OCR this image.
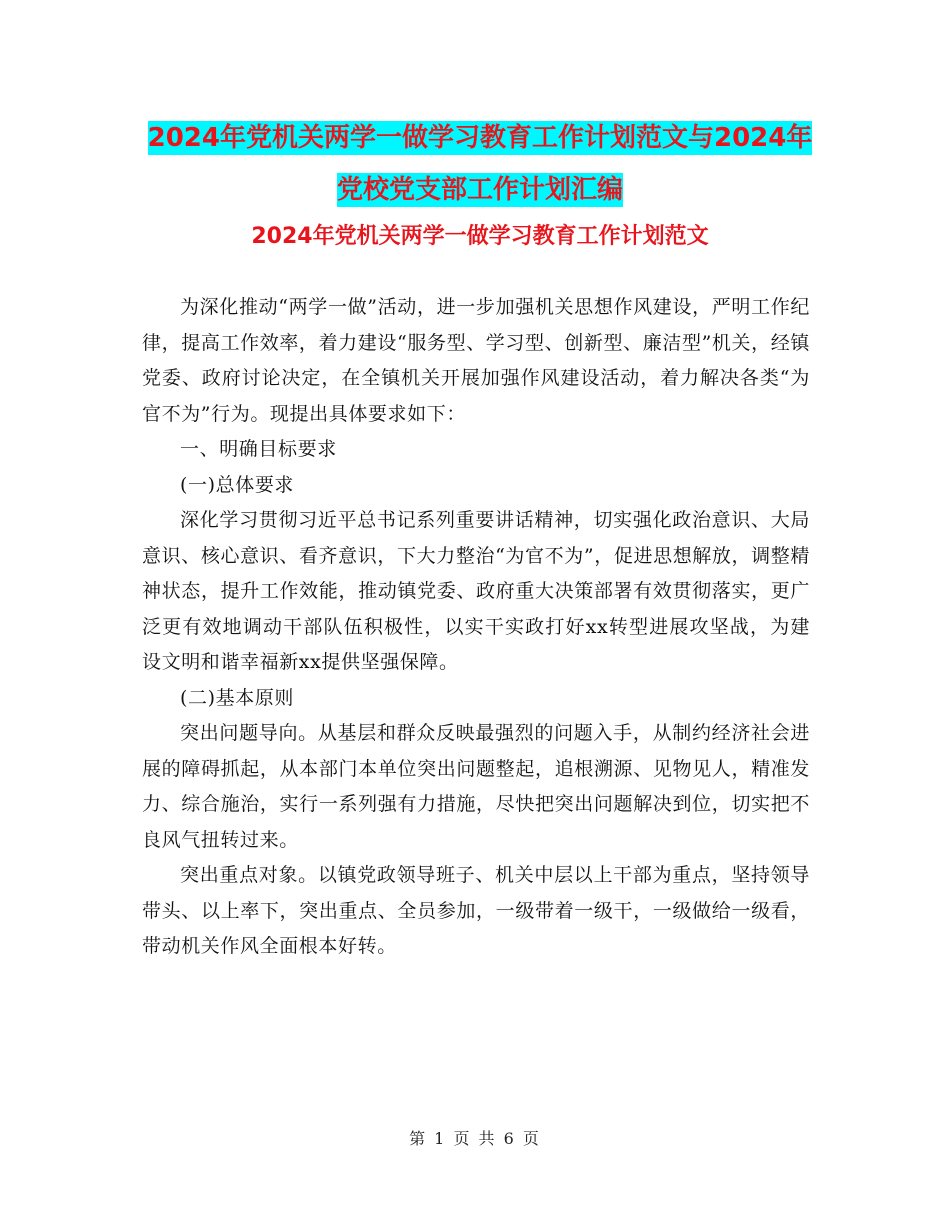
2024年党机关两学一做学习教育工作计划范文与2024年党校党支部工作计划汇编
2024年党机关两学一做学习教育工作计划范文

为深化推动“两学一做”活动，进一步加强机关思想作风建设，严明工作纪律，提高工作效率，着力建设“服务型、学习型、创新型、廉洁型”机关，经镇党委、政府讨论决定，在全镇机关开展加强作风建设活动，着力解决各类“为官不为”行为。现提出具体要求如下：

一、明确目标要求

(一)总体要求

深化学习贯彻习近平总书记系列重要讲话精神，切实强化政治意识、大局意识、核心意识、看齐意识，下大力整治“为官不为”，促进思想解放，调整精神状态，提升工作效能，推动镇党委、政府重大决策部署有效贯彻落实，更广泛更有效地调动干部队伍积极性，以实干实政打好xx转型进展攻坚战，为建设文明和谐幸福新xx提供坚强保障。

(二)基本原则

突出问题导向。从基层和群众反映最强烈的问题入手，从制约经济社会进展的障碍抓起，从本部门本单位突出问题整起，追根溯源、见物见人，精准发力、综合施治，实行一系列强有力措施，尽快把突出问题解决到位，切实把不良风气扭转过来。

突出重点对象。以镇党政领导班子、机关中层以上干部为重点，坚持领导带头、以上率下，突出重点、全员参加，一级带着一级干，一级做给一级看，带动机关作风全面根本好转。

第 1 页 共 6 页
